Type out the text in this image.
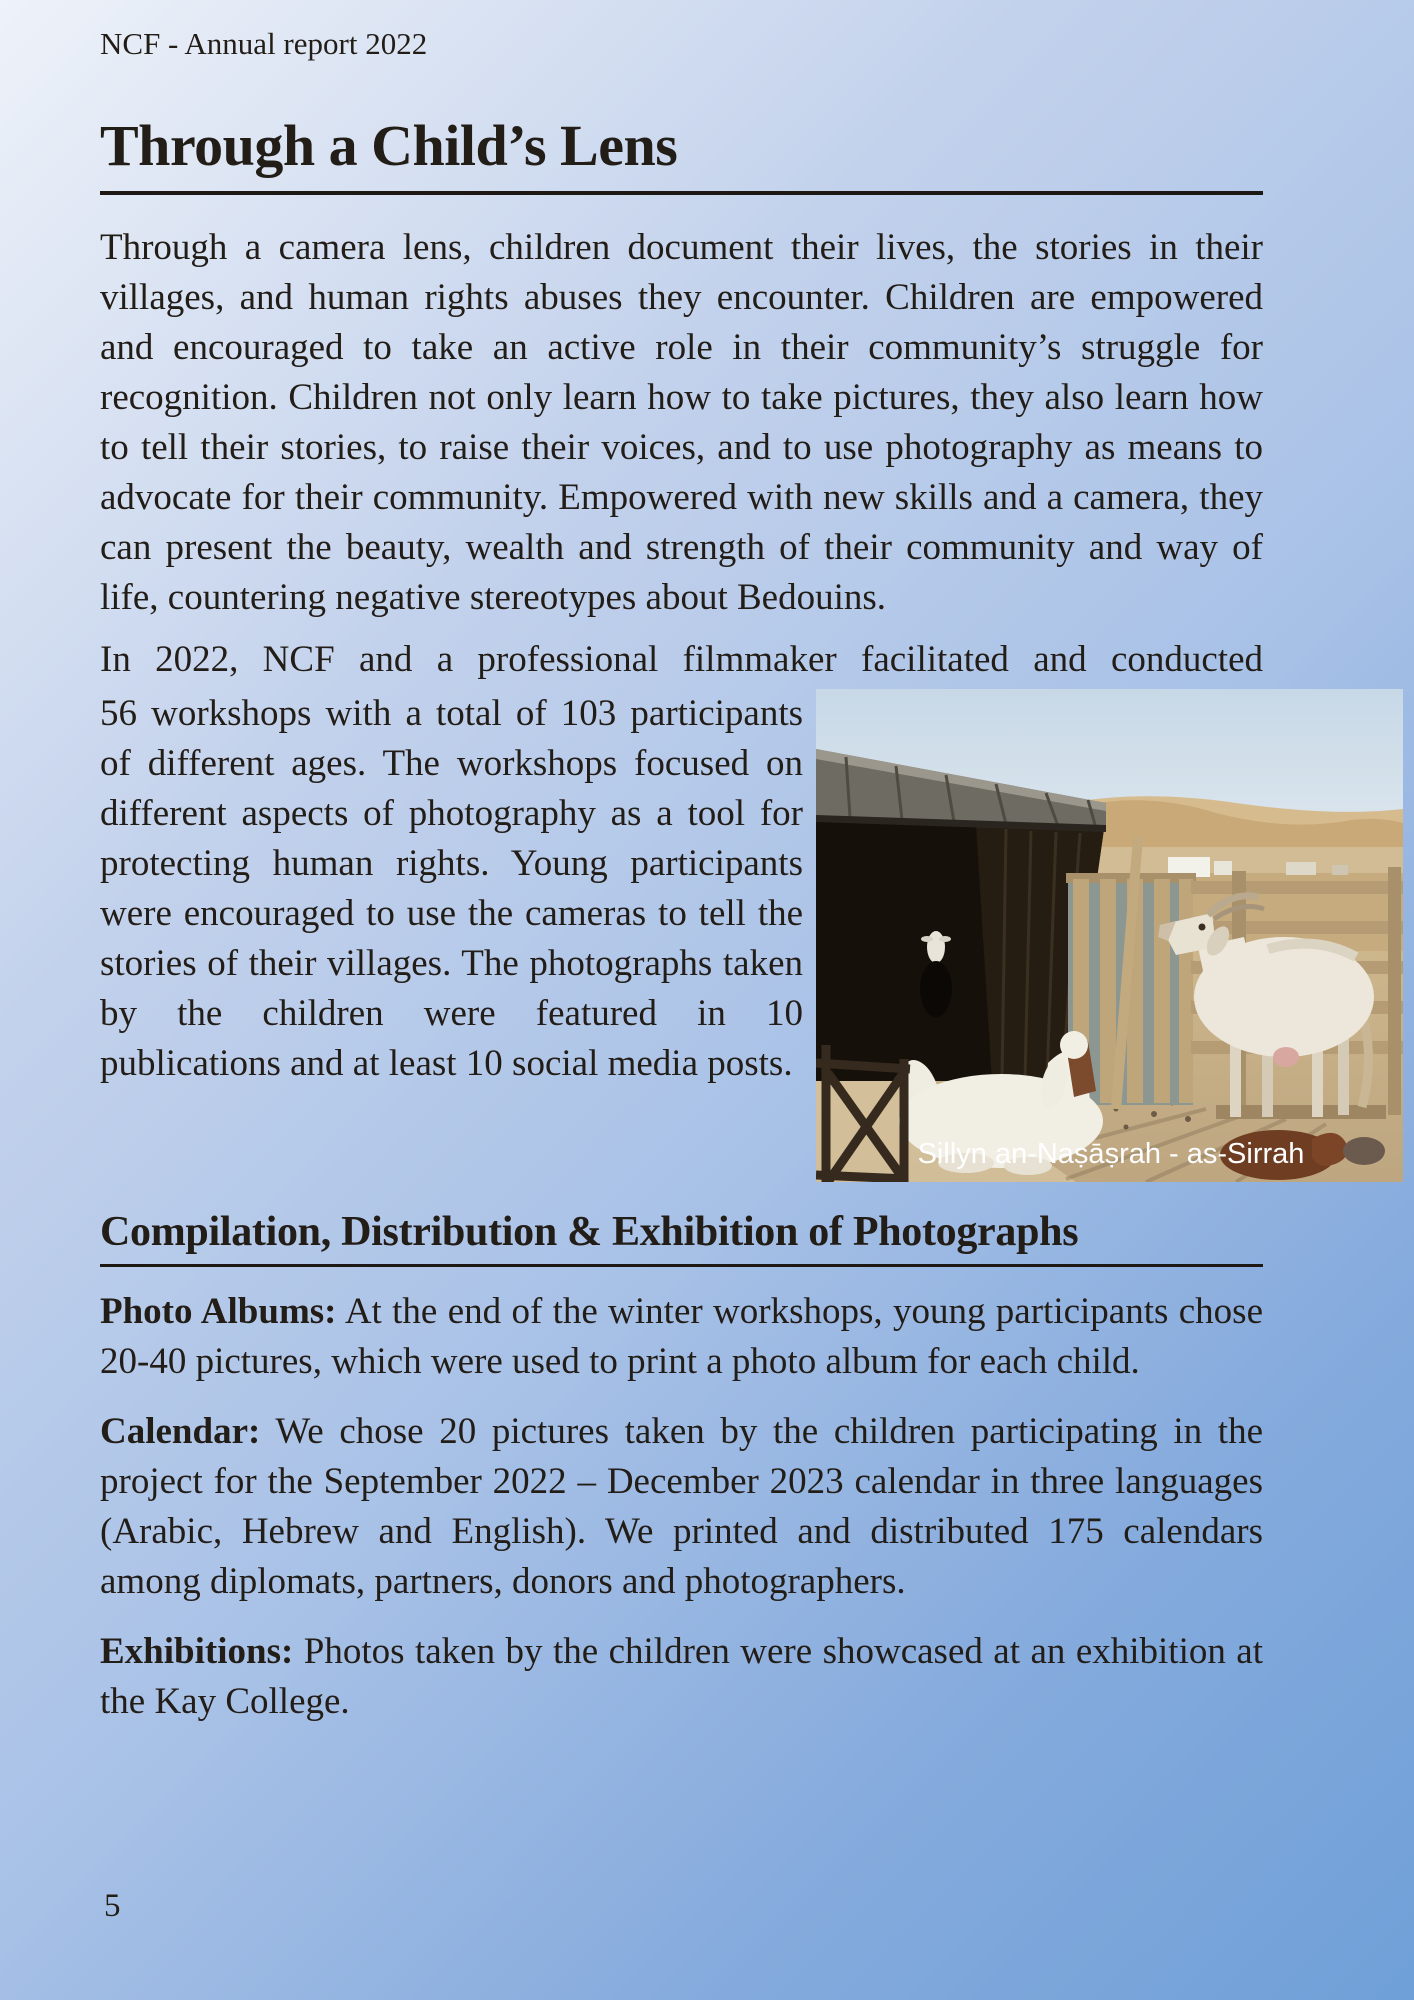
NCF - Annual report 2022
Through a Child’s Lens
Through a camera lens, children document their lives, the stories in their villages, and human rights abuses they encounter. Children are empowered and encouraged to take an active role in their community’s struggle for recognition. Children not only learn how to take pictures, they also learn how to tell their stories, to raise their voices, and to use photography as means to advocate for their community. Empowered with new skills and a camera, they can present the beauty, wealth and strength of their community and way of life, countering negative stereotypes about Bedouins.
In 2022, NCF and a professional filmmaker facilitated and conducted
56 workshops with a total of 103 participants of different ages. The workshops focused on different aspects of photography as a tool for protecting human rights. Young participants were encouraged to use the cameras to tell the stories of their villages. The photographs taken by the children were featured in 10 publications and at least 10 social media posts.
Sillyn an-Naṣāṣrah - as-Sirrah
Compilation, Distribution & Exhibition of Photographs
Photo Albums: At the end of the winter workshops, young participants chose 20-40 pictures, which were used to print a photo album for each child.
Calendar: We chose 20 pictures taken by the children participating in the project for the September 2022 – December 2023 calendar in three languages (Arabic, Hebrew and English). We printed and distributed 175 calendars among diplomats, partners, donors and photographers.
Exhibitions: Photos taken by the children were showcased at an exhibition at the Kay College.
5
